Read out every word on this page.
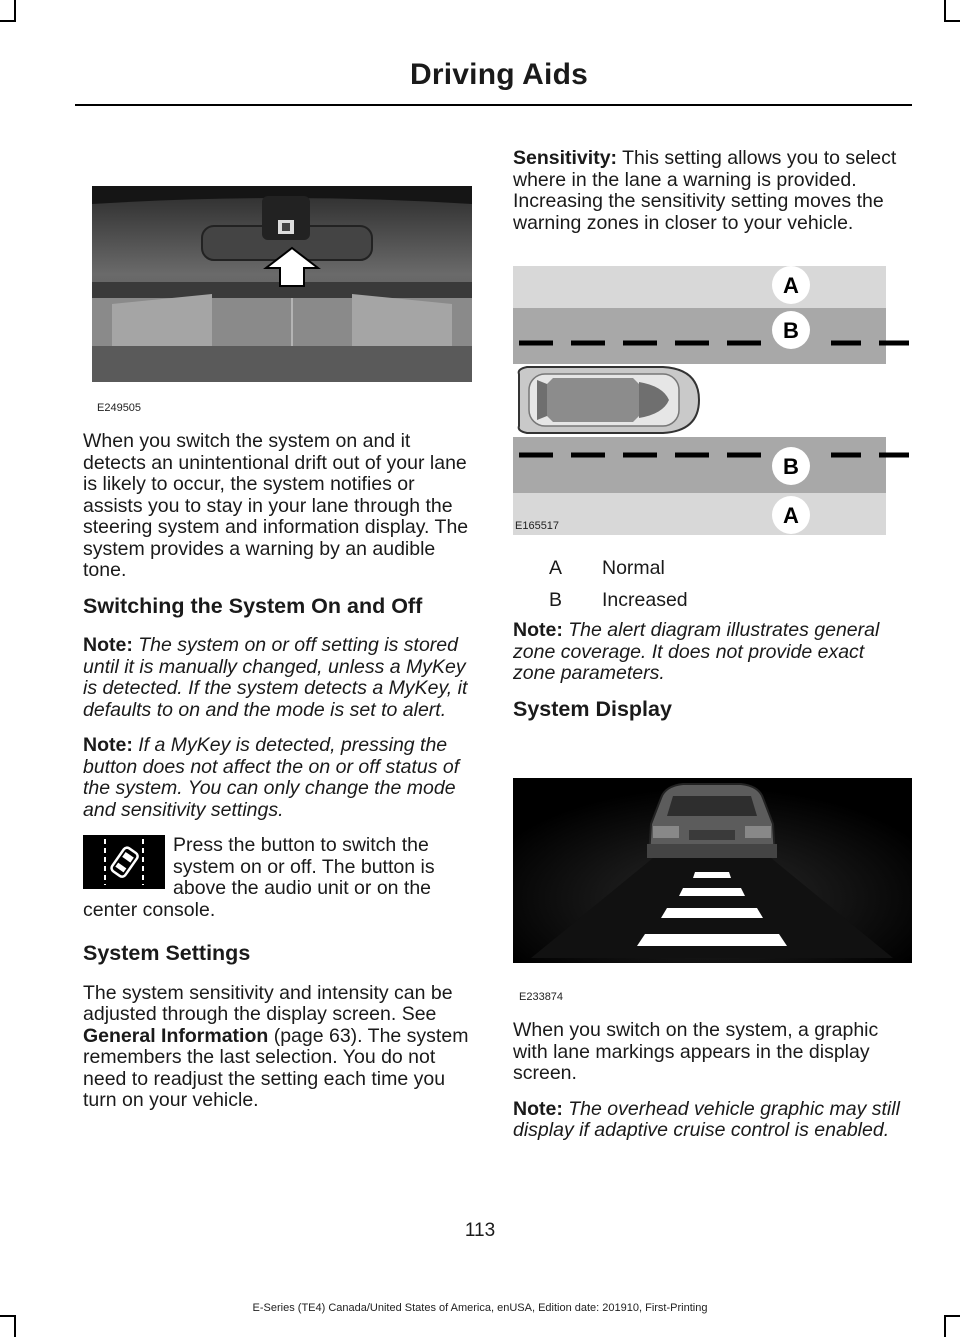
Driving Aids
E249505

When you switch the system on and it detects an unintentional drift out of your lane is likely to occur, the system notifies or assists you to stay in your lane through the steering system and information display. The system provides a warning by an audible tone.

Switching the System On and Off

Note: The system on or off setting is stored until it is manually changed, unless a MyKey is detected. If the system detects a MyKey, it defaults to on and the mode is set to alert.

Note: If a MyKey is detected, pressing the button does not affect the on or off status of the system. You can only change the mode and sensitivity settings.

Press the button to switch the system on or off. The button is above the audio unit or on the center console.
System Settings

The system sensitivity and intensity can be adjusted through the display screen. See General Information (page 63). The system remembers the last selection. You do not need to readjust the setting each time you turn on your vehicle.

Sensitivity: This setting allows you to select where in the lane a warning is provided. Increasing the sensitivity setting moves the warning zones in closer to your vehicle.

A
B
B
A
E165517
A Normal
B Increased

Note: The alert diagram illustrates general zone coverage. It does not provide exact zone parameters.

System Display
E233874

When you switch on the system, a graphic with lane markings appears in the display screen.

Note: The overhead vehicle graphic may still display if adaptive cruise control is enabled.

113
E-Series (TE4) Canada/United States of America, enUSA, Edition date: 201910, First-Printing
